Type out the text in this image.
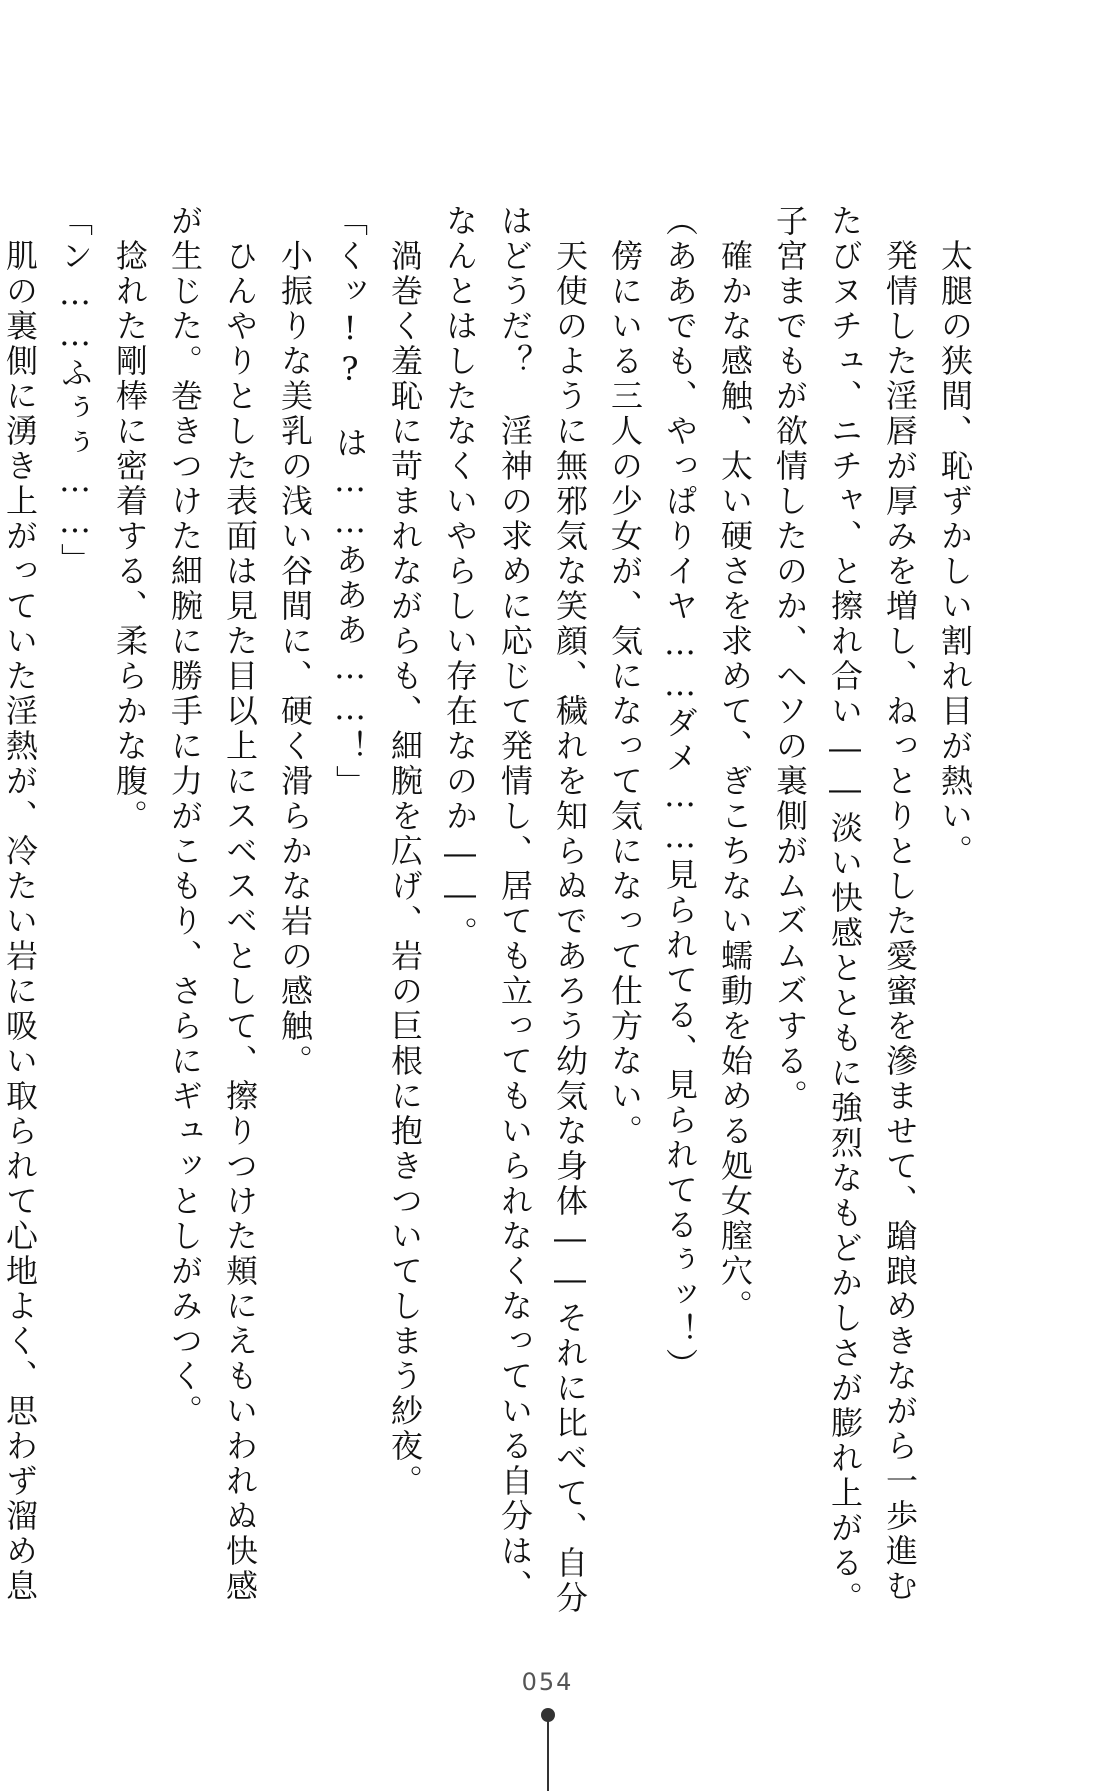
　太腿の狭間、恥ずかしい割れ目が熱い。

　発情した淫唇が厚みを増し、ねっとりとした愛蜜を滲ませて、蹌踉めきながら一歩進む

たびヌチュ、ニチャ、と擦れ合い――淡い快感とともに強烈なもどかしさが膨れ上がる。

子宮までもが欲情したのか、ヘソの裏側がムズムズする。

　確かな感触、太い硬さを求めて、ぎこちない蠕動を始める処女膣穴。

（ああでも、やっぱりイヤ……ダメ……見られてる、見られてるぅッ！）

　傍にいる三人の少女が、気になって気になって仕方ない。

　天使のように無邪気な笑顔、穢れを知らぬであろう幼気な身体――それに比べて、自分

はどうだ？　淫神の求めに応じて発情し、居ても立ってもいられなくなっている自分は、

なんとはしたなくいやらしい存在なのか――。

　渦巻く羞恥に苛まれながらも、細腕を広げ、岩の巨根に抱きついてしまう紗夜。

「くッ!?　は……あああ……！」

　小振りな美乳の浅い谷間に、硬く滑らかな岩の感触。

　ひんやりとした表面は見た目以上にスベスベとして、擦りつけた頬にえもいわれぬ快感

が生じた。巻きつけた細腕に勝手に力がこもり、さらにギュッとしがみつく。

　捻れた剛棒に密着する、柔らかな腹。

「ン……ふぅぅ……」

　肌の裏側に湧き上がっていた淫熱が、冷たい岩に吸い取られて心地よく、思わず溜め息

054
